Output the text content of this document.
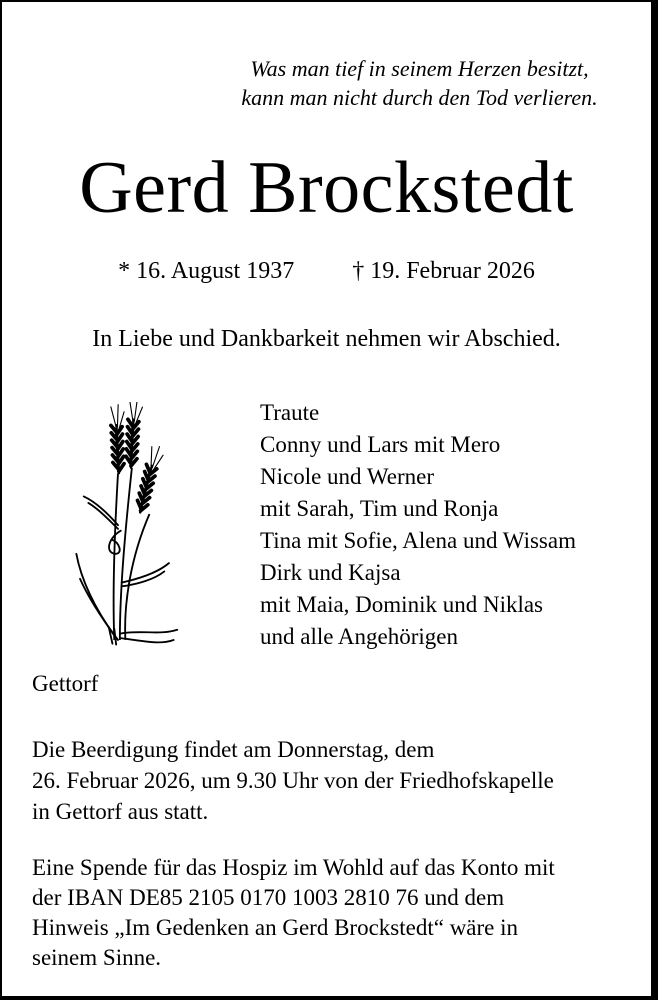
Was man tief in seinem Herzen besitzt,
kann man nicht durch den Tod verlieren.
Gerd Brockstedt
* 16. August 1937 † 19. Februar 2026
In Liebe und Dankbarkeit nehmen wir Abschied.
Traute
Conny und Lars mit Mero
Nicole und Werner
mit Sarah, Tim und Ronja
Tina mit Sofie, Alena und Wissam
Dirk und Kajsa
mit Maia, Dominik und Niklas
und alle Angehörigen
Gettorf
Die Beerdigung findet am Donnerstag, dem
26. Februar 2026, um 9.30 Uhr von der Friedhofskapelle
in Gettorf aus statt.
Eine Spende für das Hospiz im Wohld auf das Konto mit
der IBAN DE85 2105 0170 1003 2810 76 und dem
Hinweis „Im Gedenken an Gerd Brockstedt“ wäre in
seinem Sinne.
